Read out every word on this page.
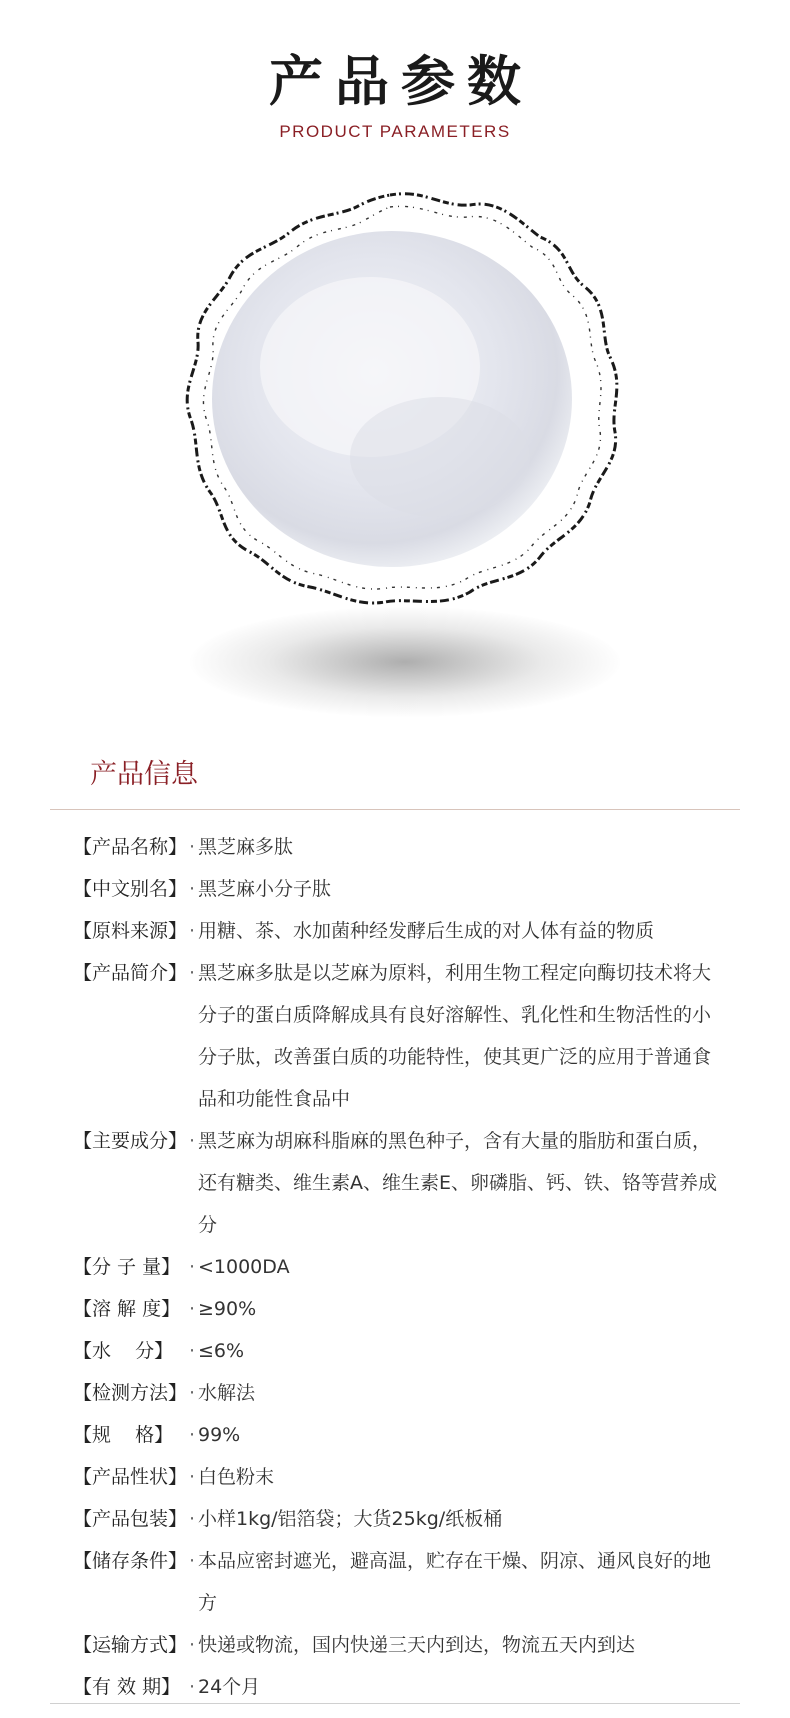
产品参数
PRODUCT PARAMETERS
产品信息
【产品名称】 · 黑芝麻多肽
【中文别名】 · 黑芝麻小分子肽
【原料来源】 · 用糖、茶、水加菌种经发酵后生成的对人体有益的物质
【产品简介】 · 黑芝麻多肽是以芝麻为原料，利用生物工程定向酶切技术将大分子的蛋白质降解成具有良好溶解性、乳化性和生物活性的小分子肽，改善蛋白质的功能特性，使其更广泛的应用于普通食品和功能性食品中
【主要成分】 · 黑芝麻为胡麻科脂麻的黑色种子，含有大量的脂肪和蛋白质，还有糖类、维生素A、维生素E、卵磷脂、钙、铁、铬等营养成分
【分 子 量】 · <1000DA
【溶 解 度】 · ≥90%
【水    分】 · ≤6%
【检测方法】 · 水解法
【规    格】 · 99%
【产品性状】 · 白色粉末
【产品包装】 · 小样1kg/铝箔袋；大货25kg/纸板桶
【储存条件】 · 本品应密封遮光，避高温，贮存在干燥、阴凉、通风良好的地方
【运输方式】 · 快递或物流，国内快递三天内到达，物流五天内到达
【有 效 期】 · 24个月
